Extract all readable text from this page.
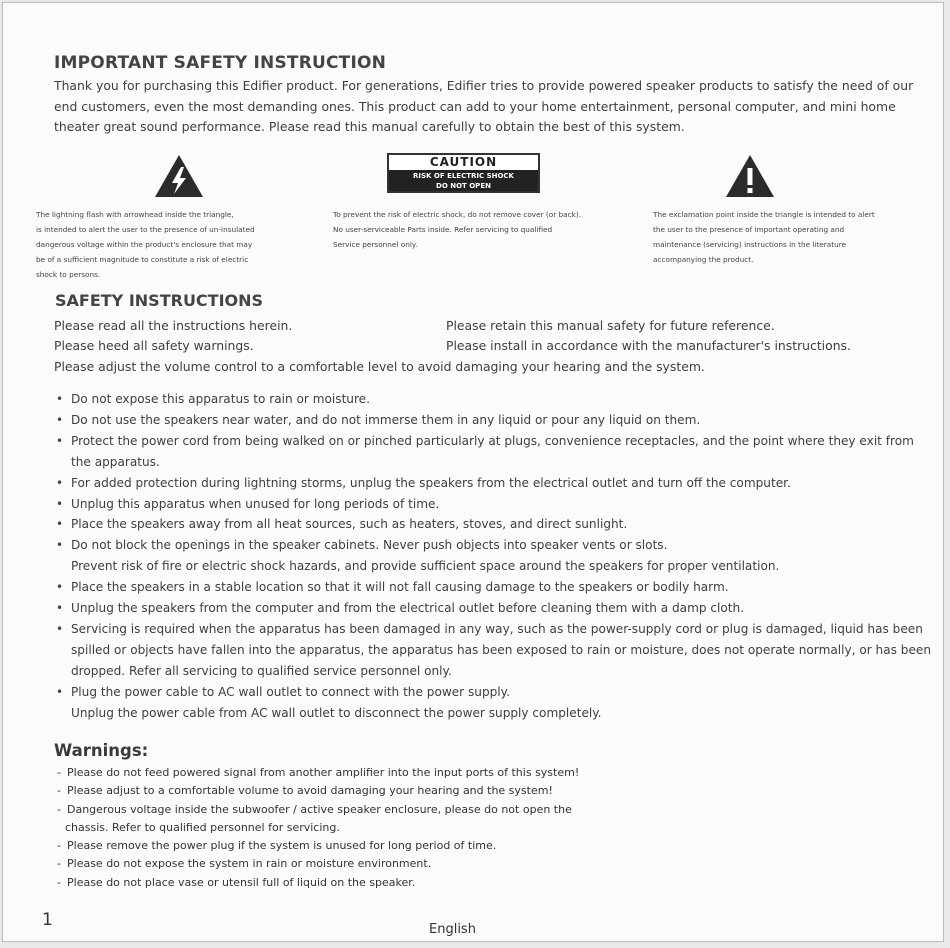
IMPORTANT SAFETY INSTRUCTION
Thank you for purchasing this Edifier product. For generations, Edifier tries to provide powered speaker products to satisfy the need of our end customers, even the most demanding ones. This product can add to your home entertainment, personal computer, and mini home theater great sound performance. Please read this manual carefully to obtain the best of this system.
CAUTION
RISK OF ELECTRIC SHOCK
DO NOT OPEN
The lightning flash with arrowhead inside the triangle,
is intended to alert the user to the presence of un-insulated
dangerous voltage within the product's enclosure that may
be of a sufficient magnitude to constitute a risk of electric
shock to persons.
To prevent the risk of electric shock, do not remove cover (or back).
No user-serviceable Parts inside. Refer servicing to qualified
Service personnel only.
The exclamation point inside the triangle is intended to alert
the user to the presence of important operating and
maintenance (servicing) instructions in the literature
accompanying the product.
SAFETY INSTRUCTIONS
Please read all the instructions herein.	Please retain this manual safety for future reference.
Please heed all safety warnings.	Please install in accordance with the manufacturer's instructions.
Please adjust the volume control to a comfortable level to avoid damaging your hearing and the system.
• Do not expose this apparatus to rain or moisture.
• Do not use the speakers near water, and do not immerse them in any liquid or pour any liquid on them.
• Protect the power cord from being walked on or pinched particularly at plugs, convenience receptacles, and the point where they exit from the apparatus.
• For added protection during lightning storms, unplug the speakers from the electrical outlet and turn off the computer.
• Unplug this apparatus when unused for long periods of time.
• Place the speakers away from all heat sources, such as heaters, stoves, and direct sunlight.
• Do not block the openings in the speaker cabinets. Never push objects into speaker vents or slots.
Prevent risk of fire or electric shock hazards, and provide sufficient space around the speakers for proper ventilation.
• Place the speakers in a stable location so that it will not fall causing damage to the speakers or bodily harm.
• Unplug the speakers from the computer and from the electrical outlet before cleaning them with a damp cloth.
• Servicing is required when the apparatus has been damaged in any way, such as the power-supply cord or plug is damaged, liquid has been spilled or objects have fallen into the apparatus, the apparatus has been exposed to rain or moisture, does not operate normally, or has been dropped. Refer all servicing to qualified service personnel only.
• Plug the power cable to AC wall outlet to connect with the power supply.
Unplug the power cable from AC wall outlet to disconnect the power supply completely.
Warnings:
- Please do not feed powered signal from another amplifier into the input ports of this system!
- Please adjust to a comfortable volume to avoid damaging your hearing and the system!
- Dangerous voltage inside the subwoofer / active speaker enclosure, please do not open the
chassis. Refer to qualified personnel for servicing.
- Please remove the power plug if the system is unused for long period of time.
- Please do not expose the system in rain or moisture environment.
- Please do not place vase or utensil full of liquid on the speaker.
1	English
